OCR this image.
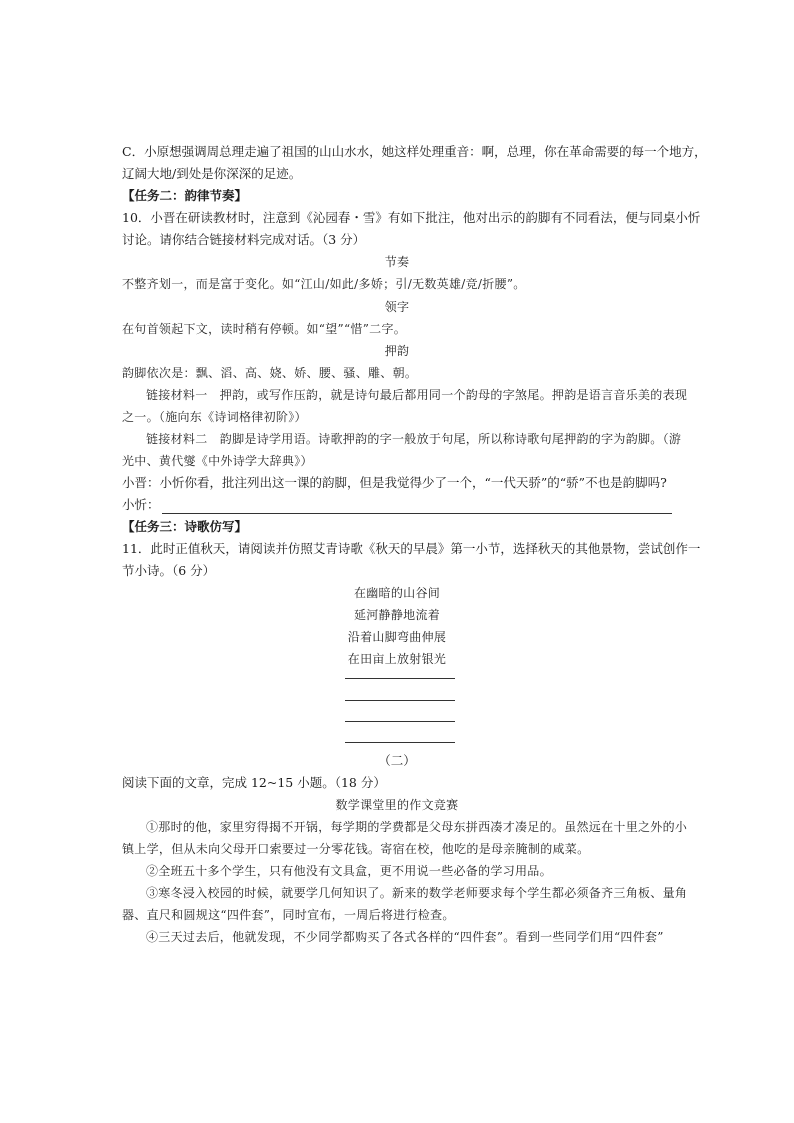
C．小原想强调周总理走遍了祖国的山山水水，她这样处理重音：啊，总理，你在革命需要的每一个地方，
辽阔大地/到处是你深深的足迹。
【任务二：韵律节奏】
10．小晋在研读教材时，注意到《沁园春・雪》有如下批注，他对出示的韵脚有不同看法，便与同桌小忻
讨论。请你结合链接材料完成对话。（3 分）
节奏
不整齐划一，而是富于变化。如“江山/如此/多娇；引/无数英雄/竞/折腰”。
领字
在句首领起下文，读时稍有停顿。如“望”“惜”二字。
押韵
韵脚依次是：飘、滔、高、娆、娇、腰、骚、雕、朝。
链接材料一　押韵，或写作压韵，就是诗句最后都用同一个韵母的字煞尾。押韵是语言音乐美的表现
之一。（施向东《诗词格律初阶》）
链接材料二　韵脚是诗学用语。诗歌押韵的字一般放于句尾，所以称诗歌句尾押韵的字为韵脚。（游
光中、黄代燮《中外诗学大辞典》）
小晋：小忻你看，批注列出这一课的韵脚，但是我觉得少了一个，“一代天骄”的“骄”不也是韵脚吗?
小忻：
【任务三：诗歌仿写】
11．此时正值秋天，请阅读并仿照艾青诗歌《秋天的早晨》第一小节，选择秋天的其他景物，尝试创作一
节小诗。（6 分）
在幽暗的山谷间
延河静静地流着
沿着山脚弯曲伸展
在田亩上放射银光
（二）
阅读下面的文章，完成 12~15 小题。（18 分）
数学课堂里的作文竞赛
①那时的他，家里穷得揭不开锅，每学期的学费都是父母东拼西凑才凑足的。虽然远在十里之外的小
镇上学，但从未向父母开口索要过一分零花钱。寄宿在校，他吃的是母亲腌制的咸菜。
②全班五十多个学生，只有他没有文具盒，更不用说一些必备的学习用品。
③寒冬浸入校园的时候，就要学几何知识了。新来的数学老师要求每个学生都必须备齐三角板、量角
器、直尺和圆规这“四件套”，同时宣布，一周后将进行检查。
④三天过去后，他就发现，不少同学都购买了各式各样的“四件套”。看到一些同学们用“四件套”
